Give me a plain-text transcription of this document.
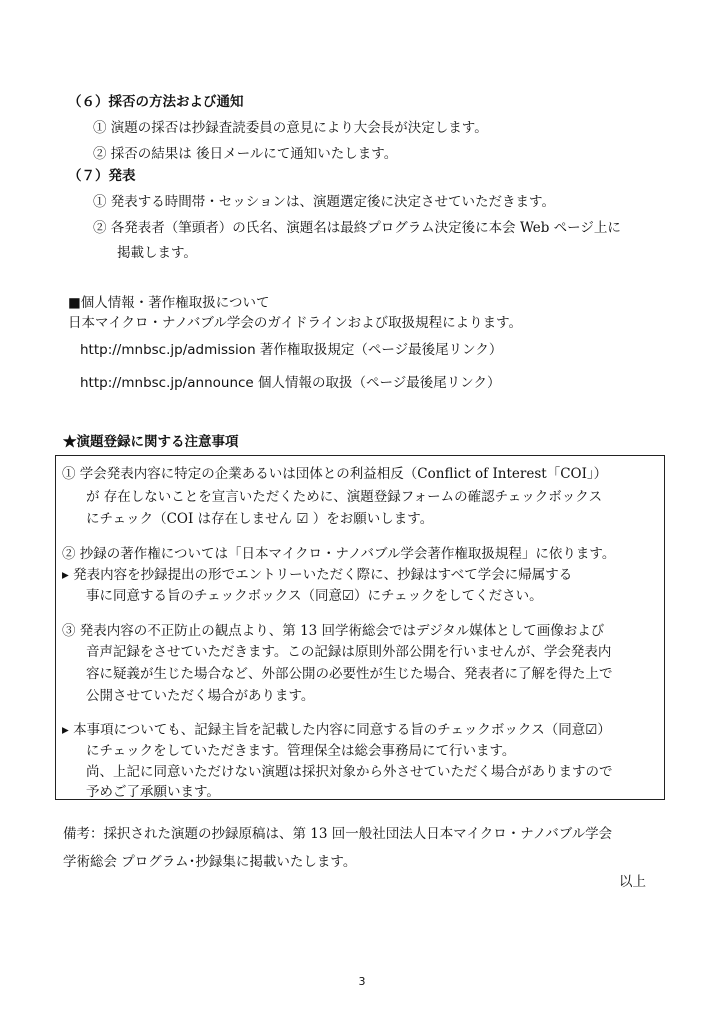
（６）採否の方法および通知
① 演題の採否は抄録査読委員の意見により大会長が決定します。
② 採否の結果は 後日メールにて通知いたします。
（７）発表
① 発表する時間帯・セッションは、演題選定後に決定させていただきます。
② 各発表者（筆頭者）の氏名、演題名は最終プログラム決定後に本会 Web ページ上に
掲載します。
■個人情報・著作権取扱について
日本マイクロ・ナノバブル学会のガイドラインおよび取扱規程によります。
http://mnbsc.jp/admission 著作権取扱規定（ページ最後尾リンク）
http://mnbsc.jp/announce 個人情報の取扱（ページ最後尾リンク）
★演題登録に関する注意事項
① 学会発表内容に特定の企業あるいは団体との利益相反（Conflict of Interest「COI」）
が 存在しないことを宣言いただくために、演題登録フォームの確認チェックボックス
にチェック（COI は存在しません ☑ ）をお願いします。
② 抄録の著作権については「日本マイクロ・ナノバブル学会著作権取扱規程」に依ります。
▸ 発表内容を抄録提出の形でエントリーいただく際に、抄録はすべて学会に帰属する
事に同意する旨のチェックボックス（同意☑）にチェックをしてください。
③ 発表内容の不正防止の観点より、第 13 回学術総会ではデジタル媒体として画像および
音声記録をさせていただきます。この記録は原則外部公開を行いませんが、学会発表内
容に疑義が生じた場合など、外部公開の必要性が生じた場合、発表者に了解を得た上で
公開させていただく場合があります。
▸ 本事項についても、記録主旨を記載した内容に同意する旨のチェックボックス（同意☑）
にチェックをしていただきます。管理保全は総会事務局にて行います。
尚、上記に同意いただけない演題は採択対象から外させていただく場合がありますので
予めご了承願います。
備考：採択された演題の抄録原稿は、第 13 回一般社団法人日本マイクロ・ナノバブル学会
学術総会 プログラム･抄録集に掲載いたします。
以上
3
